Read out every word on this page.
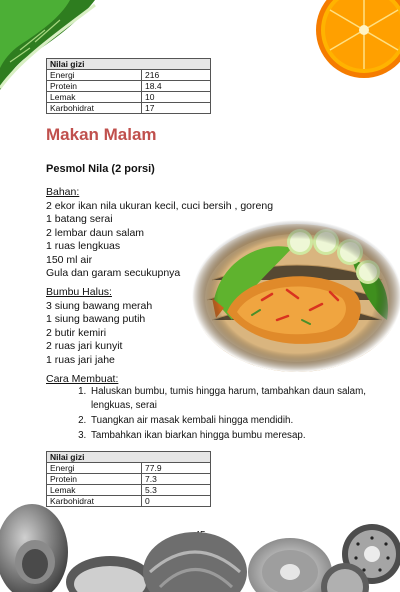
Nilai gizi	
Energi	216
Protein	18.4
Lemak	10
Karbohidrat	17
Makan Malam
Pesmol Nila (2 porsi)
Bahan:
2 ekor ikan nila ukuran kecil, cuci bersih , goreng
1 batang serai
2 lembar daun salam
1 ruas lengkuas
150 ml air
Gula dan garam secukupnya
Bumbu Halus:
3 siung bawang merah
1 siung bawang putih
2 butir kemiri
2 ruas jari kunyit
1 ruas jari jahe
Cara Membuat:
1. Haluskan bumbu, tumis hingga harum, tambahkan daun salam, lengkuas, serai
2. Tuangkan air masak kembali hingga mendidih.
3. Tambahkan ikan biarkan hingga bumbu meresap.
Nilai gizi	
Energi	77.9
Protein	7.3
Lemak	5.3
Karbohidrat	0
